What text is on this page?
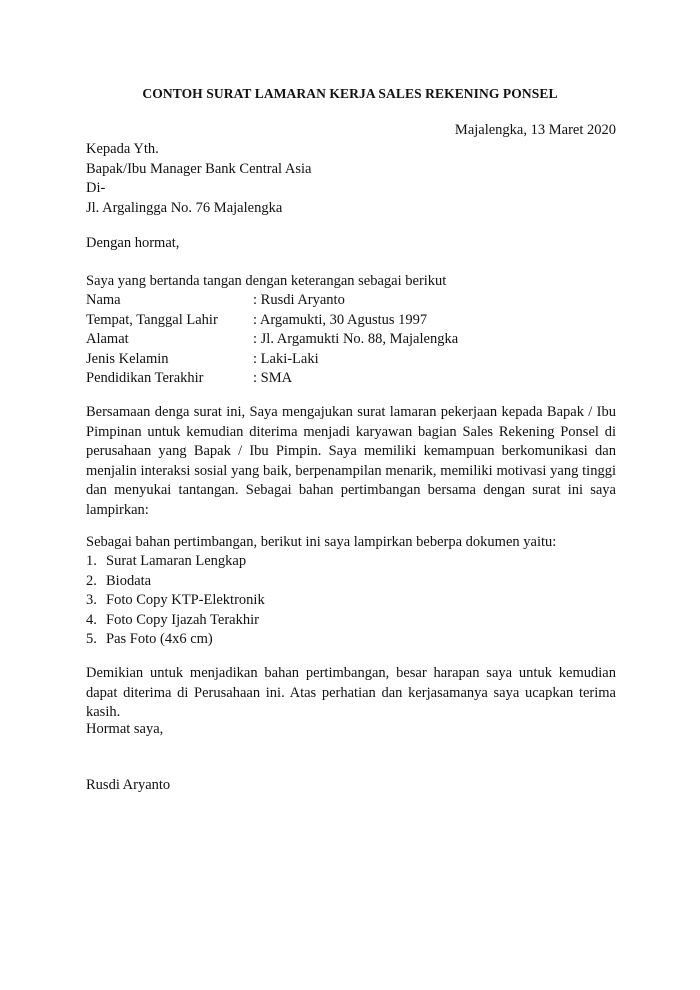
CONTOH SURAT LAMARAN KERJA SALES REKENING PONSEL
Majalengka, 13 Maret 2020
Kepada Yth.
Bapak/Ibu Manager Bank Central Asia
Di-
Jl. Argalingga No. 76 Majalengka
Dengan hormat,
Saya yang bertanda tangan dengan keterangan sebagai berikut
Nama	: Rusdi Aryanto
Tempat, Tanggal Lahir	: Argamukti, 30 Agustus 1997
Alamat	: Jl. Argamukti No. 88, Majalengka
Jenis Kelamin	: Laki-Laki
Pendidikan Terakhir	: SMA

Bersamaan denga surat ini, Saya mengajukan surat lamaran pekerjaan kepada Bapak / Ibu Pimpinan untuk kemudian diterima menjadi karyawan bagian Sales Rekening Ponsel di perusahaan yang Bapak / Ibu Pimpin. Saya memiliki kemampuan berkomunikasi dan menjalin interaksi sosial yang baik, berpenampilan menarik, memiliki motivasi yang tinggi dan menyukai tantangan. Sebagai bahan pertimbangan bersama dengan surat ini saya lampirkan:

Sebagai bahan pertimbangan, berikut ini saya lampirkan beberpa dokumen yaitu:
1. Surat Lamaran Lengkap
2. Biodata
3. Foto Copy KTP-Elektronik
4. Foto Copy Ijazah Terakhir
5. Pas Foto (4x6 cm)
Demikian untuk menjadikan bahan pertimbangan, besar harapan saya untuk kemudian dapat diterima di Perusahaan ini. Atas perhatian dan kerjasamanya saya ucapkan terima kasih.
Hormat saya,
Rusdi Aryanto
